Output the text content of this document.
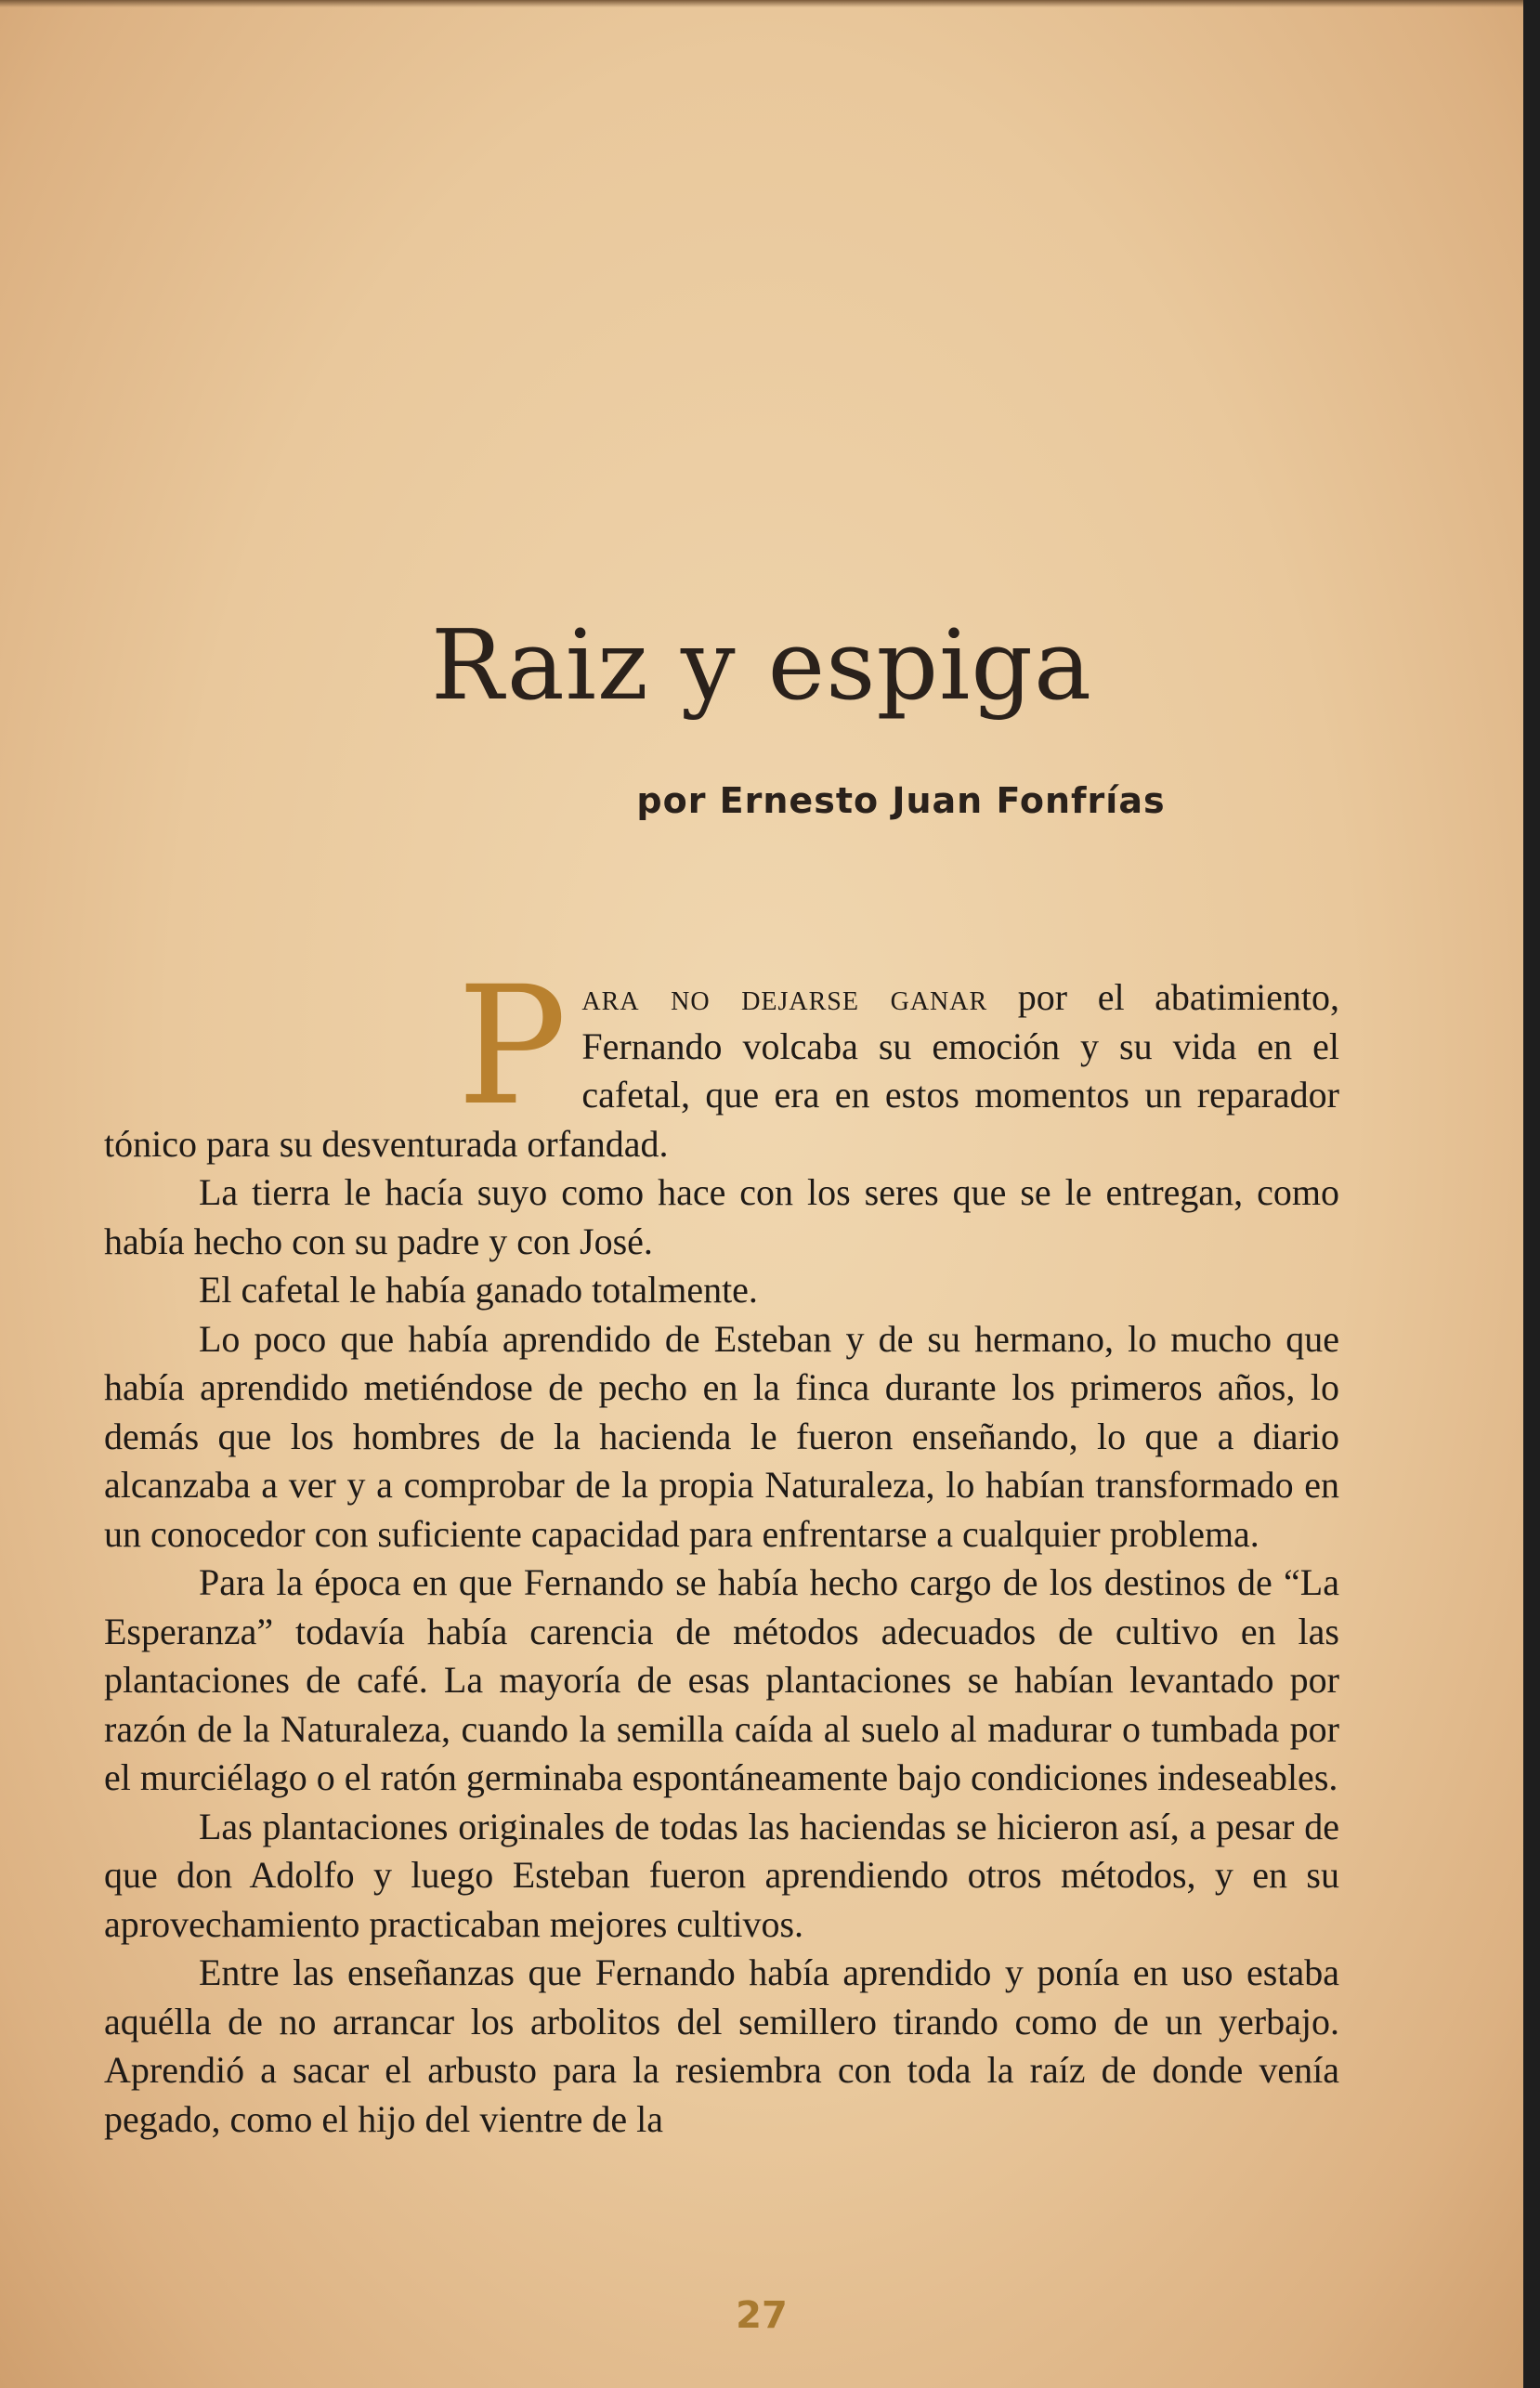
Raiz y espiga
por Ernesto Juan Fonfrías

Para no dejarse ganar por el abatimiento, Fernando volcaba su emoción y su vida en el cafetal, que era en estos momentos un reparador tónico para su desventurada orfandad.

La tierra le hacía suyo como hace con los seres que se le entregan, como había hecho con su padre y con José.

El cafetal le había ganado totalmente.

Lo poco que había aprendido de Esteban y de su hermano, lo mucho que había aprendido metiéndose de pecho en la finca durante los primeros años, lo demás que los hombres de la hacienda le fueron enseñando, lo que a diario alcanzaba a ver y a comprobar de la propia Naturaleza, lo habían transformado en un conocedor con suficiente capacidad para enfrentarse a cualquier problema.

Para la época en que Fernando se había hecho cargo de los destinos de “La Esperanza” todavía había carencia de métodos adecuados de cultivo en las plantaciones de café. La mayoría de esas plantaciones se habían levantado por razón de la Naturaleza, cuando la semilla caída al suelo al madurar o tumbada por el murciélago o el ratón germinaba espontáneamente bajo condiciones indeseables.

Las plantaciones originales de todas las haciendas se hicieron así, a pesar de que don Adolfo y luego Esteban fueron aprendiendo otros métodos, y en su aprovechamiento practicaban mejores cultivos.

Entre las enseñanzas que Fernando había aprendido y ponía en uso estaba aquélla de no arrancar los arbolitos del semillero tirando como de un yerbajo. Aprendió a sacar el arbusto para la resiembra con toda la raíz de donde venía pegado, como el hijo del vientre de la

27
